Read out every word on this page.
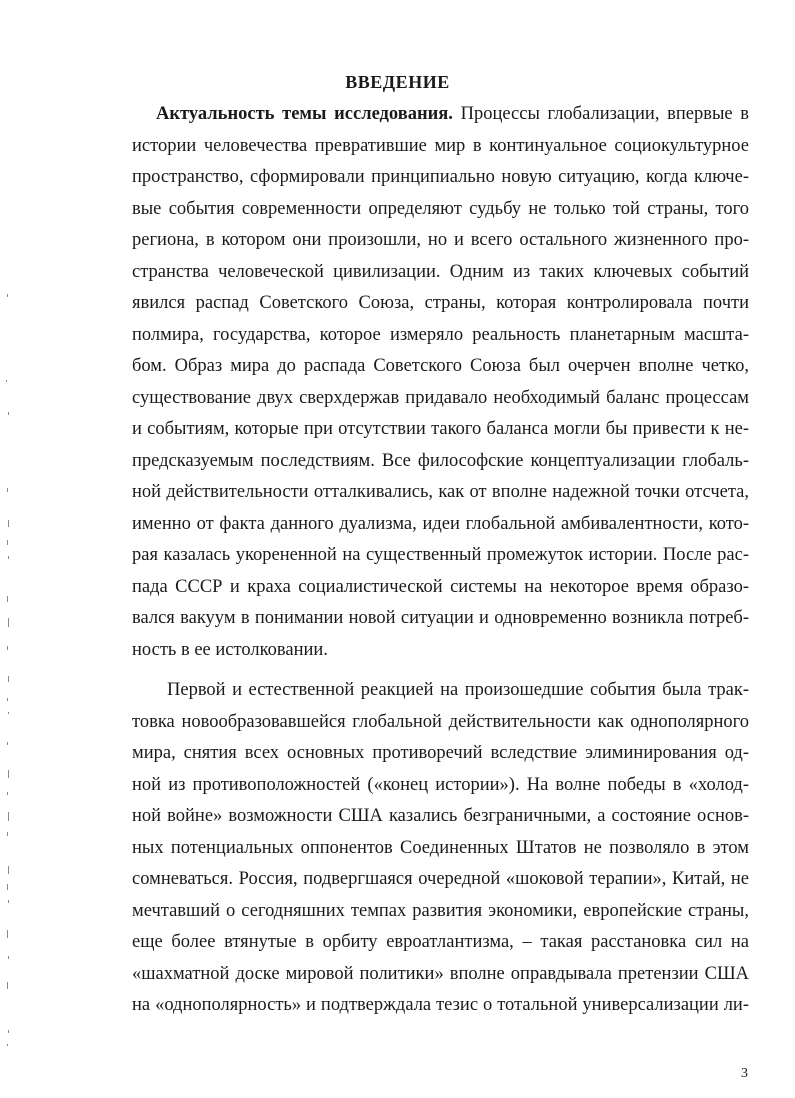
ВВЕДЕНИЕ
Актуальность темы исследования. Процессы глобализации, впервые в
истории человечества превратившие мир в континуальное социокультурное
пространство, сформировали принципиально новую ситуацию, когда ключе-
вые события современности определяют судьбу не только той страны, того
региона, в котором они произошли, но и всего остального жизненного про-
странства человеческой цивилизации. Одним из таких ключевых событий
явился распад Советского Союза, страны, которая контролировала почти
полмира, государства, которое измеряло реальность планетарным масшта-
бом. Образ мира до распада Советского Союза был очерчен вполне четко,
существование двух сверхдержав придавало необходимый баланс процессам
и событиям, которые при отсутствии такого баланса могли бы привести к не-
предсказуемым последствиям. Все философские концептуализации глобаль-
ной действительности отталкивались, как от вполне надежной точки отсчета,
именно от факта данного дуализма, идеи глобальной амбивалентности, кото-
рая казалась укорененной на существенный промежуток истории. После рас-
пада СССР и краха социалистической системы на некоторое время образо-
вался вакуум в понимании новой ситуации и одновременно возникла потреб-
ность в ее истолковании.
Первой и естественной реакцией на произошедшие события была трак-
товка новообразовавшейся глобальной действительности как однополярного
мира, снятия всех основных противоречий вследствие элиминирования од-
ной из противоположностей («конец истории»). На волне победы в «холод-
ной войне» возможности США казались безграничными, а состояние основ-
ных потенциальных оппонентов Соединенных Штатов не позволяло в этом
сомневаться. Россия, подвергшаяся очередной «шоковой терапии», Китай, не
мечтавший о сегодняшних темпах развития экономики, европейские страны,
еще более втянутые в орбиту евроатлантизма, – такая расстановка сил на
«шахматной доске мировой политики» вполне оправдывала претензии США
на «однополярность» и подтверждала тезис о тотальной универсализации ли-
3
